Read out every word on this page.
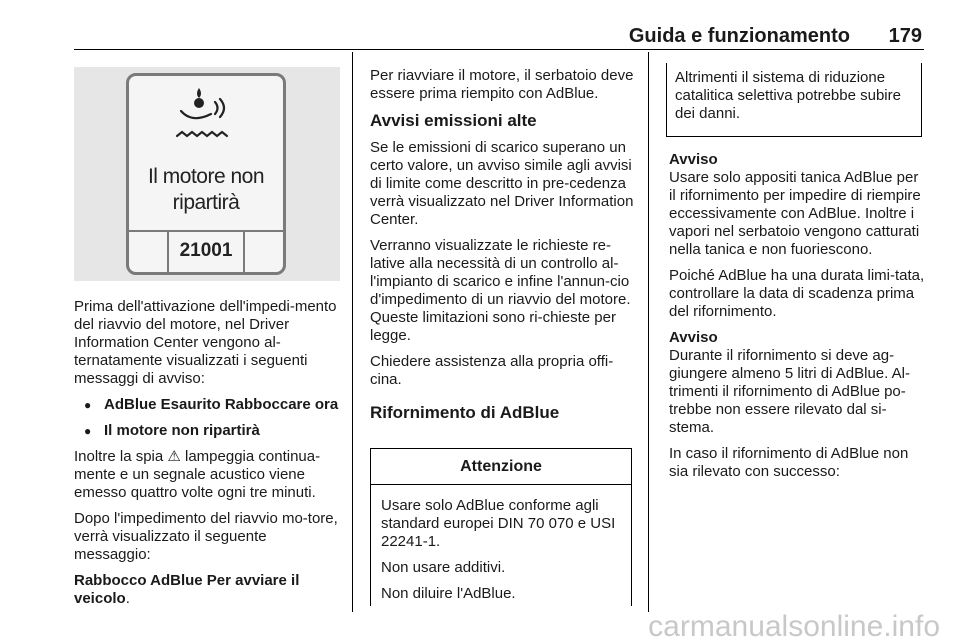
Guida e funzionamento	179
Il motore non
ripartirà
21001

Prima dell'attivazione dell'impedi-mento del riavvio del motore, nel Driver Information Center vengono al-ternatamente visualizzati i seguenti messaggi di avviso:

● AdBlue Esaurito Rabboccare ora
● Il motore non ripartirà

Inoltre la spia ⚠ lampeggia continua-mente e un segnale acustico viene emesso quattro volte ogni tre minuti.

Dopo l'impedimento del riavvio mo-tore, verrà visualizzato il seguente messaggio:

Rabbocco AdBlue Per avviare il veicolo.

Per riavviare il motore, il serbatoio deve essere prima riempito con AdBlue.

Avvisi emissioni alte

Se le emissioni di scarico superano un certo valore, un avviso simile agli avvisi di limite come descritto in pre-cedenza verrà visualizzato nel Driver Information Center.

Verranno visualizzate le richieste re-lative alla necessità di un controllo al-l'impianto di scarico e infine l'annun-cio d'impedimento di un riavvio del motore. Queste limitazioni sono ri-chieste per legge.

Chiedere assistenza alla propria offi-cina.

Rifornimento di AdBlue
Attenzione

Usare solo AdBlue conforme agli standard europei DIN 70 070 e USI 22241-1.

Non usare additivi.

Non diluire l'AdBlue.

Altrimenti il sistema di riduzione catalitica selettiva potrebbe subire dei danni.
Avviso

Usare solo appositi tanica AdBlue per il rifornimento per impedire di riempire eccessivamente con AdBlue. Inoltre i vapori nel serbatoio vengono catturati nella tanica e non fuoriescono.

Poiché AdBlue ha una durata limi-tata, controllare la data di scadenza prima del rifornimento.

Avviso

Durante il rifornimento si deve ag-giungere almeno 5 litri di AdBlue. Al-trimenti il rifornimento di AdBlue po-trebbe non essere rilevato dal si-stema.

In caso il rifornimento di AdBlue non sia rilevato con successo:

carmanualsonline.info
